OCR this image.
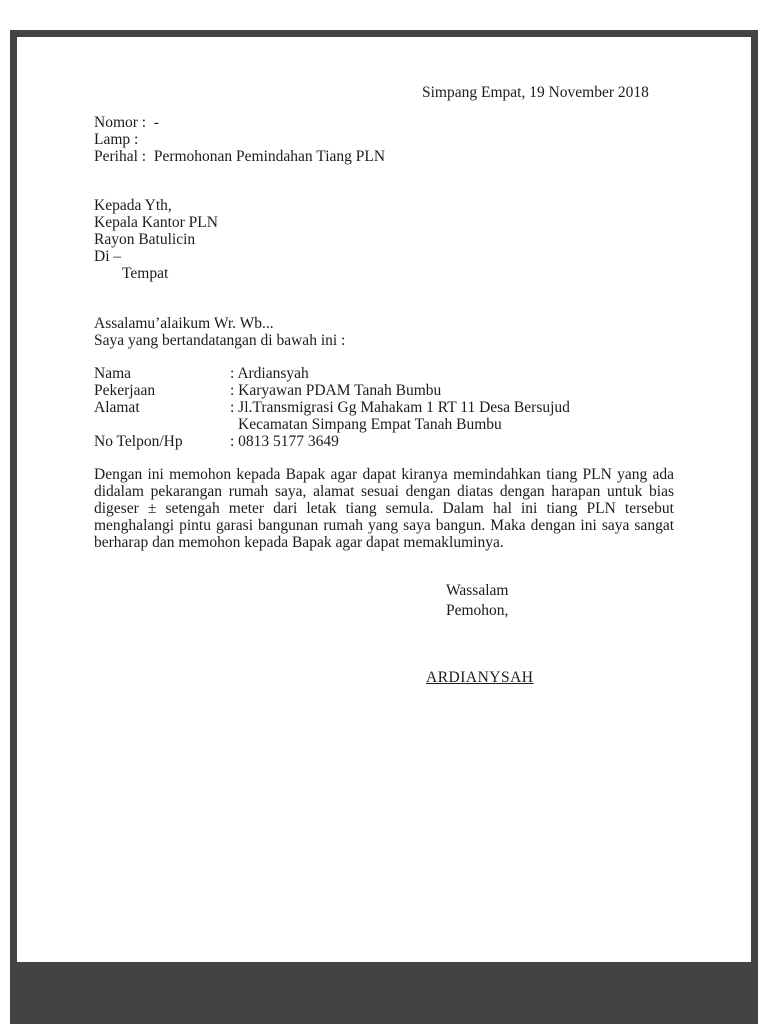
Simpang Empat, 19 November 2018
Nomor :  -
Lamp :
Perihal :  Permohonan Pemindahan Tiang PLN
Kepada Yth,
Kepala Kantor PLN
Rayon Batulicin
Di –
Tempat
Assalamu’alaikum Wr. Wb...
Saya yang bertandatangan di bawah ini :
Nama	: Ardiansyah
Pekerjaan	: Karyawan PDAM Tanah Bumbu
Alamat	: Jl.Transmigrasi Gg Mahakam 1 RT 11 Desa Bersujud
Kecamatan Simpang Empat Tanah Bumbu
No Telpon/Hp	: 0813 5177 3649
Dengan ini memohon kepada Bapak agar dapat kiranya memindahkan tiang PLN yang ada didalam pekarangan rumah saya, alamat sesuai dengan diatas dengan harapan untuk bias digeser ± setengah meter dari letak tiang semula. Dalam hal ini tiang PLN tersebut menghalangi pintu garasi bangunan rumah yang saya bangun. Maka dengan ini saya sangat berharap dan memohon kepada Bapak agar dapat memakluminya.
Wassalam
Pemohon,
ARDIANYSAH
